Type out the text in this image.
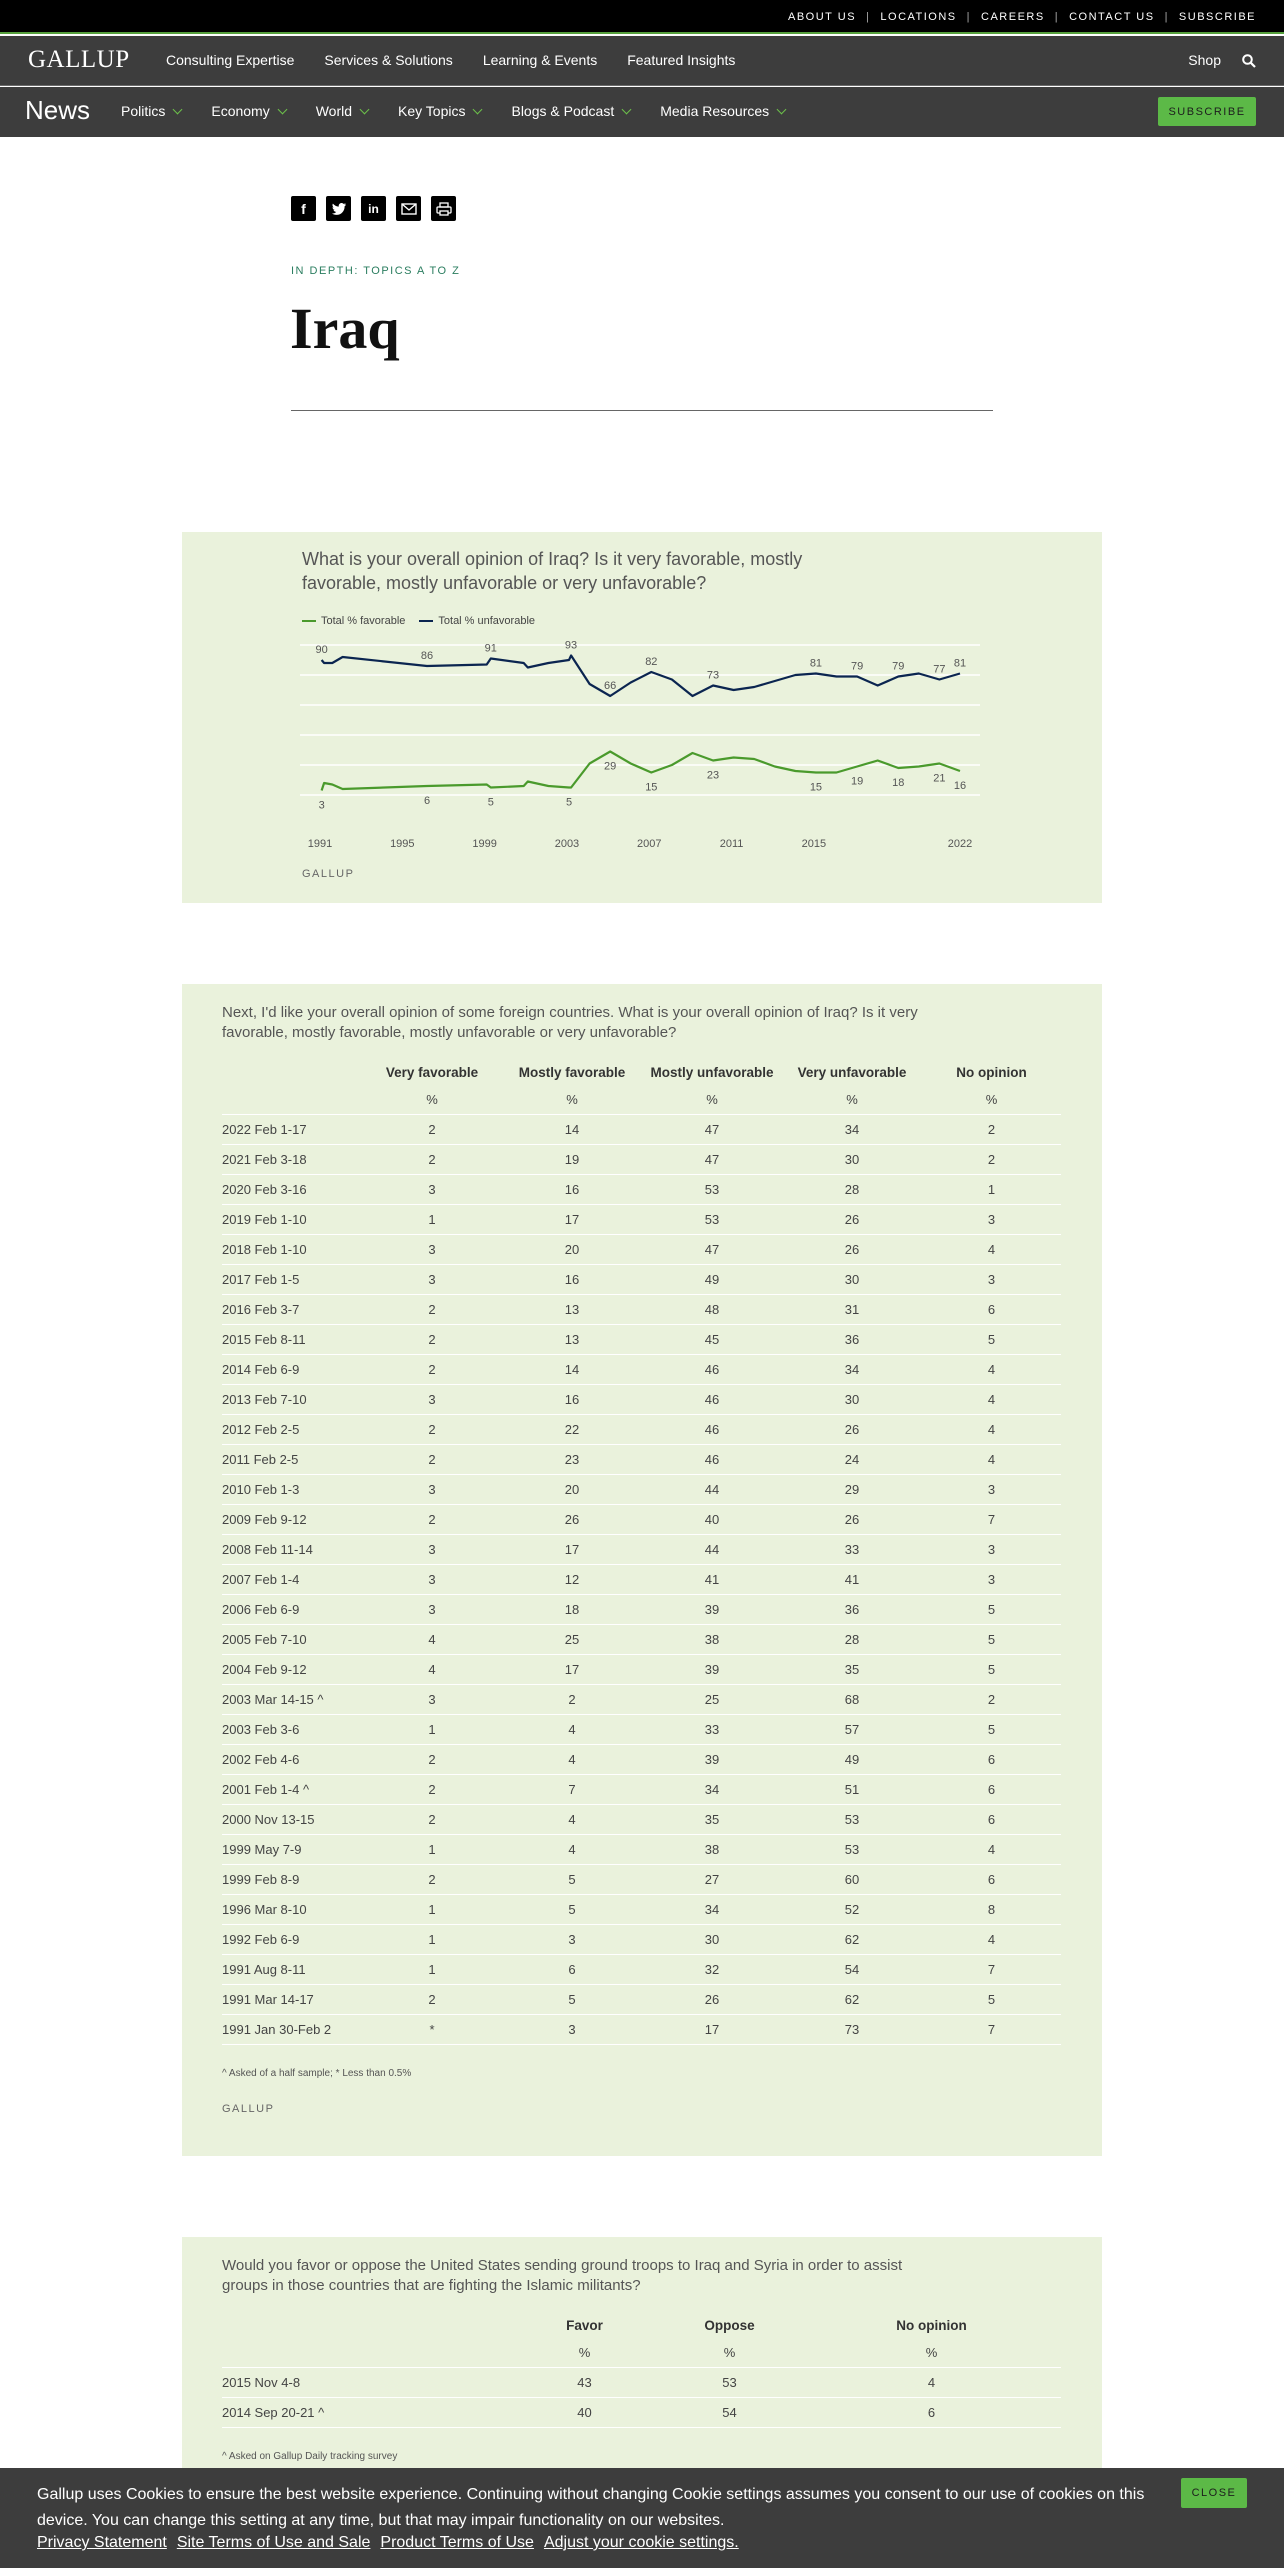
ABOUT US | LOCATIONS | CAREERS | CONTACT US | SUBSCRIBE
GALLUP	Consulting Expertise Services & Solutions Learning & Events Featured Insights	Shop
News Politics	Economy	World	Key Topics	Blogs & Podcast	Media Resources	SUBSCRIBE
f	in
IN DEPTH: TOPICS A TO Z
Iraq
What is your overall opinion of Iraq? Is it very favorable, mostly favorable, mostly unfavorable or very unfavorable?
Total % favorable	Total % unfavorable
3	6	5	5
29
15
23
15	19	18	21
16
90	86
91	93
66
82
73
81	79	79	77 81
1991	1995	1999	2003	2007	2011	2015	2022
GALLUP
Next, I'd like your overall opinion of some foreign countries. What is your overall opinion of Iraq? Is it very favorable, mostly favorable, mostly unfavorable or very unfavorable?
	Very favorable	Mostly favorable	Mostly unfavorable	Very unfavorable	No opinion
	%	%	%	%	%
2022 Feb 1-17	2	14	47	34	2
2021 Feb 3-18	2	19	47	30	2
2020 Feb 3-16	3	16	53	28	1
2019 Feb 1-10	1	17	53	26	3
2018 Feb 1-10	3	20	47	26	4
2017 Feb 1-5	3	16	49	30	3
2016 Feb 3-7	2	13	48	31	6
2015 Feb 8-11	2	13	45	36	5
2014 Feb 6-9	2	14	46	34	4
2013 Feb 7-10	3	16	46	30	4
2012 Feb 2-5	2	22	46	26	4
2011 Feb 2-5	2	23	46	24	4
2010 Feb 1-3	3	20	44	29	3
2009 Feb 9-12	2	26	40	26	7
2008 Feb 11-14	3	17	44	33	3
2007 Feb 1-4	3	12	41	41	3
2006 Feb 6-9	3	18	39	36	5
2005 Feb 7-10	4	25	38	28	5
2004 Feb 9-12	4	17	39	35	5
2003 Mar 14-15 ^	3	2	25	68	2
2003 Feb 3-6	1	4	33	57	5
2002 Feb 4-6	2	4	39	49	6
2001 Feb 1-4 ^	2	7	34	51	6
2000 Nov 13-15	2	4	35	53	6
1999 May 7-9	1	4	38	53	4
1999 Feb 8-9	2	5	27	60	6
1996 Mar 8-10	1	5	34	52	8
1992 Feb 6-9	1	3	30	62	4
1991 Aug 8-11	1	6	32	54	7
1991 Mar 14-17	2	5	26	62	5
1991 Jan 30-Feb 2	*	3	17	73	7
^ Asked of a half sample; * Less than 0.5%
GALLUP
Would you favor or oppose the United States sending ground troops to Iraq and Syria in order to assist groups in those countries that are fighting the Islamic militants?
	Favor	Oppose	No opinion
	%	%	%
2015 Nov 4-8	43	53	4
2014 Sep 20-21 ^	40	54	6
^ Asked on Gallup Daily tracking survey
Gallup uses Cookies to ensure the best website experience. Continuing without changing Cookie settings assumes you consent to our use of cookies on this device. You can change this setting at any time, but that may impair functionality on our websites.
Privacy Statement Site Terms of Use and Sale Product Terms of Use Adjust your cookie settings.
CLOSE
